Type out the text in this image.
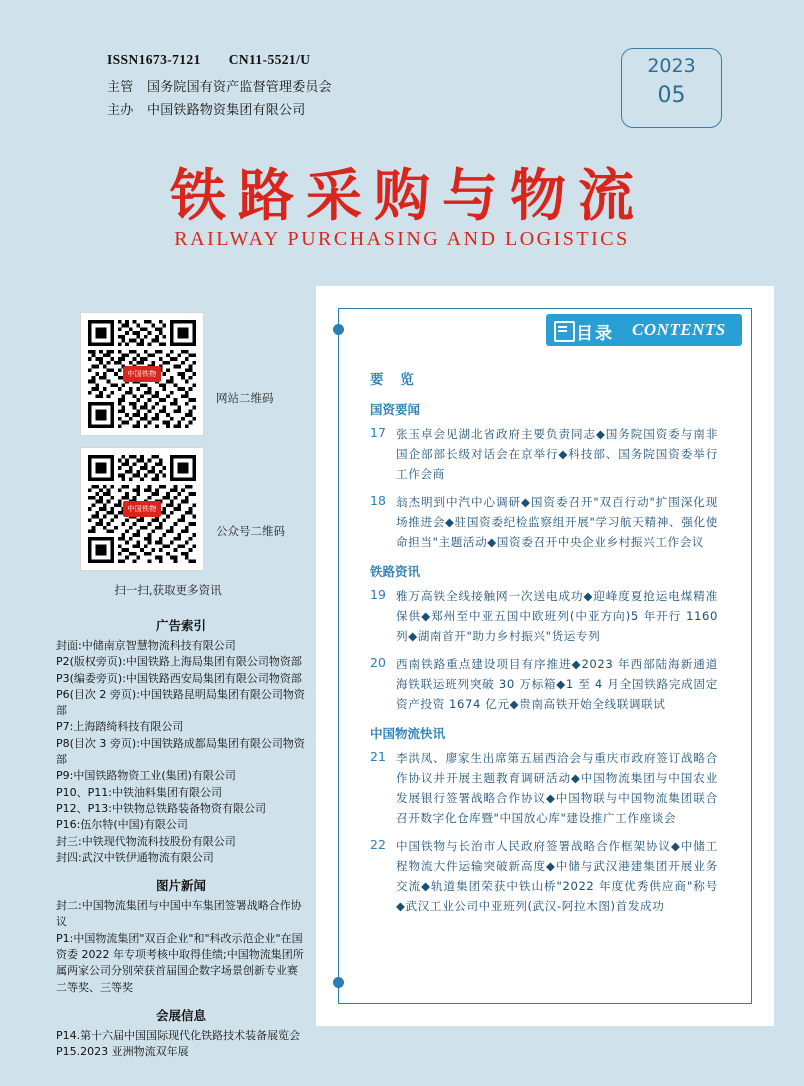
ISSN1673-7121 CN11-5521/U
主管 国务院国有资产监督管理委员会
主办 中国铁路物资集团有限公司
2023
05
铁路采购与物流
RAILWAY PURCHASING AND LOGISTICS
中国铁物
网站二维码
中国铁物
公众号二维码
扫一扫,获取更多资讯
广告索引
封面:中储南京智慧物流科技有限公司
P2(版权旁页):中国铁路上海局集团有限公司物资部
P3(编委旁页):中国铁路西安局集团有限公司物资部
P6(目次 2 旁页):中国铁路昆明局集团有限公司物资部
P7:上海踏绮科技有限公司
P8(目次 3 旁页):中国铁路成都局集团有限公司物资部
P9:中国铁路物资工业(集团)有限公司
P10、P11:中铁油料集团有限公司
P12、P13:中铁物总铁路装备物资有限公司
P16:伍尔特(中国)有限公司
封三:中铁现代物流科技股份有限公司
封四:武汉中铁伊通物流有限公司
图片新闻
封二:中国物流集团与中国中车集团签署战略合作协议
P1:中国物流集团"双百企业"和"科改示范企业"在国资委 2022 年专项考核中取得佳绩;中国物流集团所属两家公司分别荣获首届国企数字场景创新专业赛二等奖、三等奖
会展信息
P14.第十六届中国国际现代化铁路技术装备展览会
P15.2023 亚洲物流双年展
目录 CONTENTS
要 览
国资要闻
17 张玉卓会见湖北省政府主要负责同志◆国务院国资委与南非国企部部长级对话会在京举行◆科技部、国务院国资委举行工作会商
18 翁杰明到中汽中心调研◆国资委召开"双百行动"扩围深化现场推进会◆驻国资委纪检监察组开展"学习航天精神、强化使命担当"主题活动◆国资委召开中央企业乡村振兴工作会议
铁路资讯
19 雅万高铁全线接触网一次送电成功◆迎峰度夏抢运电煤精准保供◆郑州至中亚五国中欧班列(中亚方向)5 年开行 1160 列◆湖南首开"助力乡村振兴"货运专列
20 西南铁路重点建设项目有序推进◆2023 年西部陆海新通道海铁联运班列突破 30 万标箱◆1 至 4 月全国铁路完成固定资产投资 1674 亿元◆贵南高铁开始全线联调联试
中国物流快讯
21 李洪凤、廖家生出席第五届西洽会与重庆市政府签订战略合作协议并开展主题教育调研活动◆中国物流集团与中国农业发展银行签署战略合作协议◆中国物联与中国物流集团联合召开数字化仓库暨"中国放心库"建设推广工作座谈会
22 中国铁物与长治市人民政府签署战略合作框架协议◆中储工程物流大件运输突破新高度◆中储与武汉港建集团开展业务交流◆轨道集团荣获中铁山桥"2022 年度优秀供应商"称号◆武汉工业公司中亚班列(武汉-阿拉木图)首发成功
